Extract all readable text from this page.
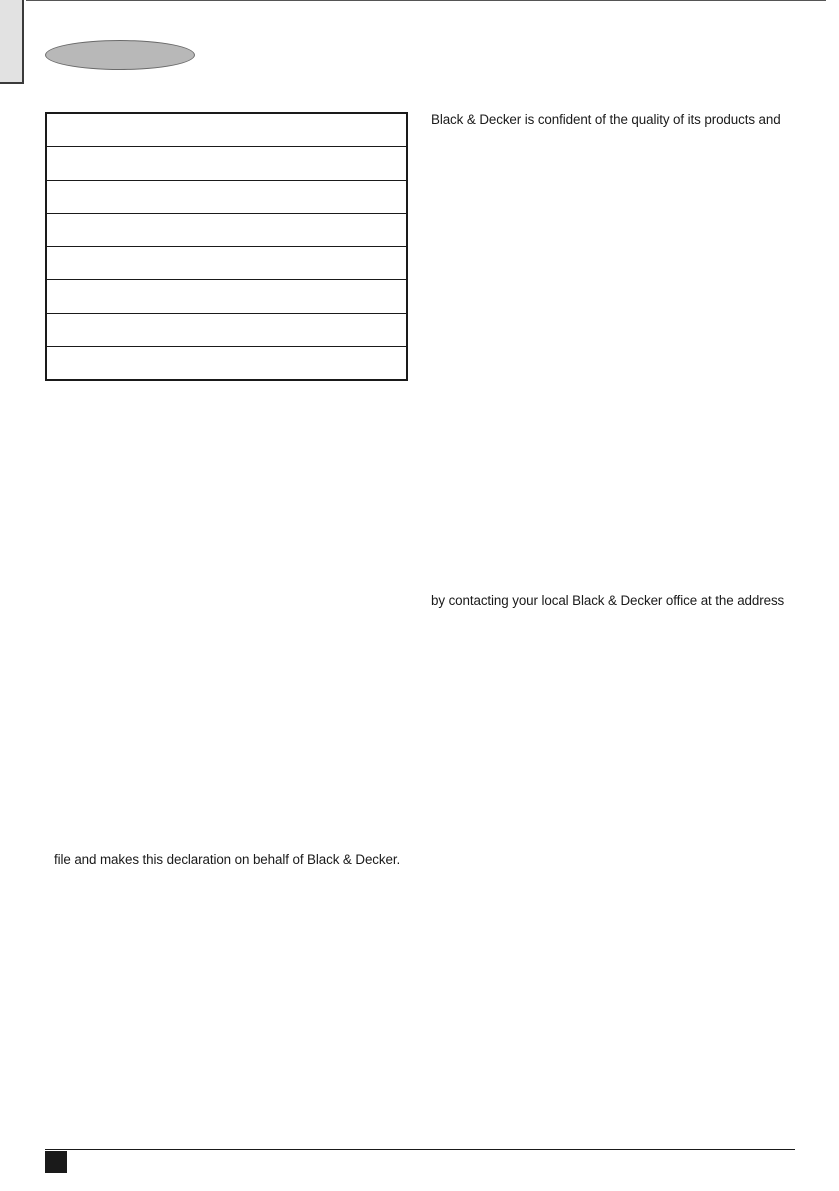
Black & Decker is confident of the quality of its products and
by contacting your local Black & Decker office at the address
file and makes this declaration on behalf of Black & Decker.
